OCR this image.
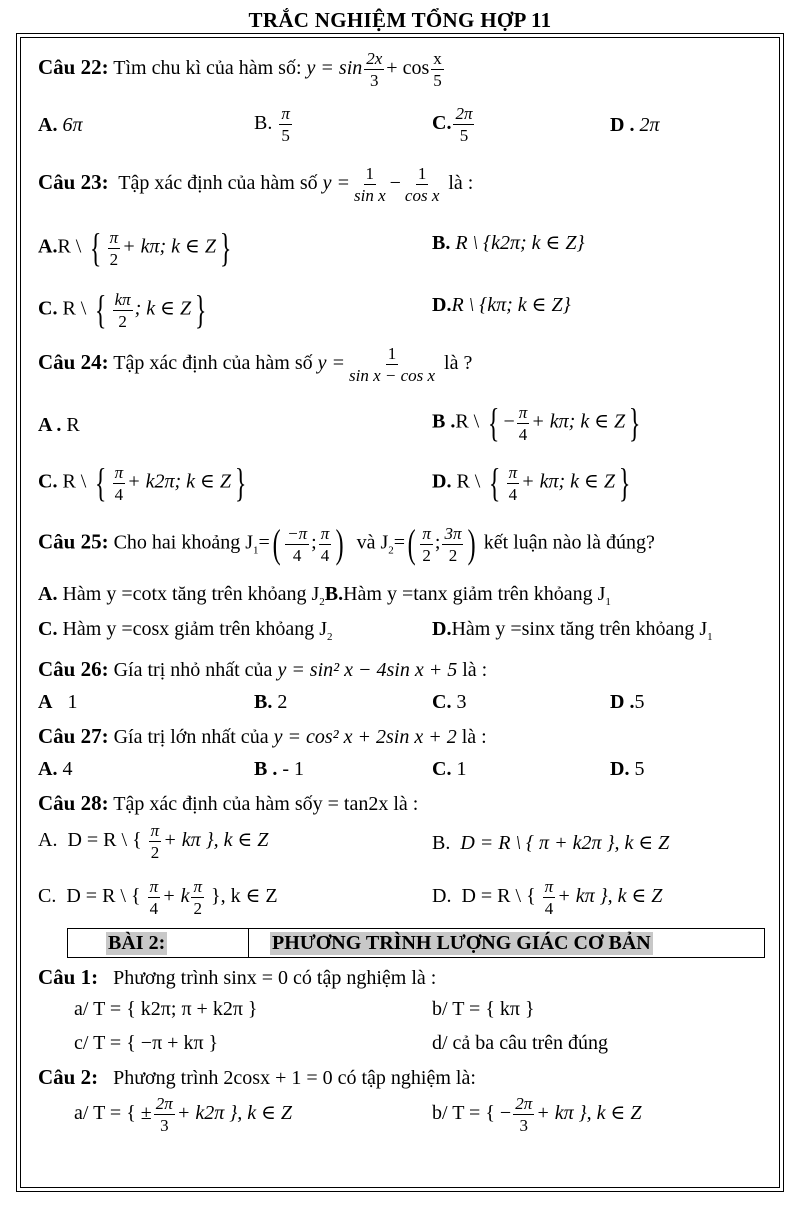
TRẮC NGHIỆM TỔNG HỢP 11
Câu 22: Tìm chu kì của hàm số: $y = \sin \frac{2x}{3} + \cos \frac{x}{5}$
A. 6π	B. $\frac{\pi}{5}$	C. $\frac{2\pi}{5}$	D . 2π
Câu 23: Tập xác định của hàm số $y = \frac{1}{\text{sin x}} - \frac{1}{\text{cos x}}$ là :
A.R \ { $\frac{\pi}{2} + k\pi$; k ∈ Z}	B. R \ {k2π; k ∈ Z}
C. R \ { $\frac{k\pi}{2}$ ; k ∈ Z}	D.R \ {kπ; k ∈ Z}
Câu 24: Tập xác định của hàm số $y = \frac{1}{\text{sin x − cos x}}$ là ?
A . R	B .R \ { − $\frac{\pi}{4} + k\pi$; k ∈ Z}
C. R \ { $\frac{\pi}{4} + k2\pi$; k ∈ Z}	D. R \ { $\frac{\pi}{4} + k\pi$; k ∈ Z}
Câu 25: Cho hai khoảng $J_1=( \frac{-\pi}{4}$ ; $\frac{\pi}{4}$ ) và $J_2=( \frac{\pi}{2}$ ; $\frac{3\pi}{2}$ ) kết luận nào là đúng?
A. Hàm y =cotx tăng trên khỏang $J_2B.Hàm$ y =tanx giảm trên khỏang $J_1$
C. Hàm y =cosx giảm trên khỏang $J_2$	D.Hàm y =sinx tăng trên khỏang $J_1$
Câu 26: Gía trị nhỏ nhất của y = sin² x − 4sin x + 5 là :
A 1	B. 2	C. 3	D .5
Câu 27: Gía trị lớn nhất của y = cos² x + 2sin x + 2 là :
A. 4	B . - 1	C. 1	D. 5
Câu 28: Tập xác định của hàm sốy = tan2x là :
A. D = R \ { $\frac{\pi}{2} + k\pi$ }, k ∈ Z	B. D = R \ { π + k2π }, k ∈ Z
C. D = R \ { $\frac{\pi}{4} + k \frac{\pi}{2}$ }, k ∈ Z	D. D = R \ { $\frac{\pi}{4} + k\pi$ }, k ∈ Z
BÀI 2:	PHƯƠNG TRÌNH LƯỢNG GIÁC CƠ BẢN
Câu 1: Phương trình sinx = 0 có tập nghiệm là :
a/ T = { k2π; π + k2π }	b/ T = { kπ }
c/ T = { −π + kπ }	d/ cả ba câu trên đúng
Câu 2: Phương trình 2cosx + 1 = 0 có tập nghiệm là:
a/ T = { ± $\frac{2\pi}{3} + k2\pi$ }, k ∈ Z	b/ T = { − $\frac{2\pi}{3} + k\pi$ }, k ∈ Z
